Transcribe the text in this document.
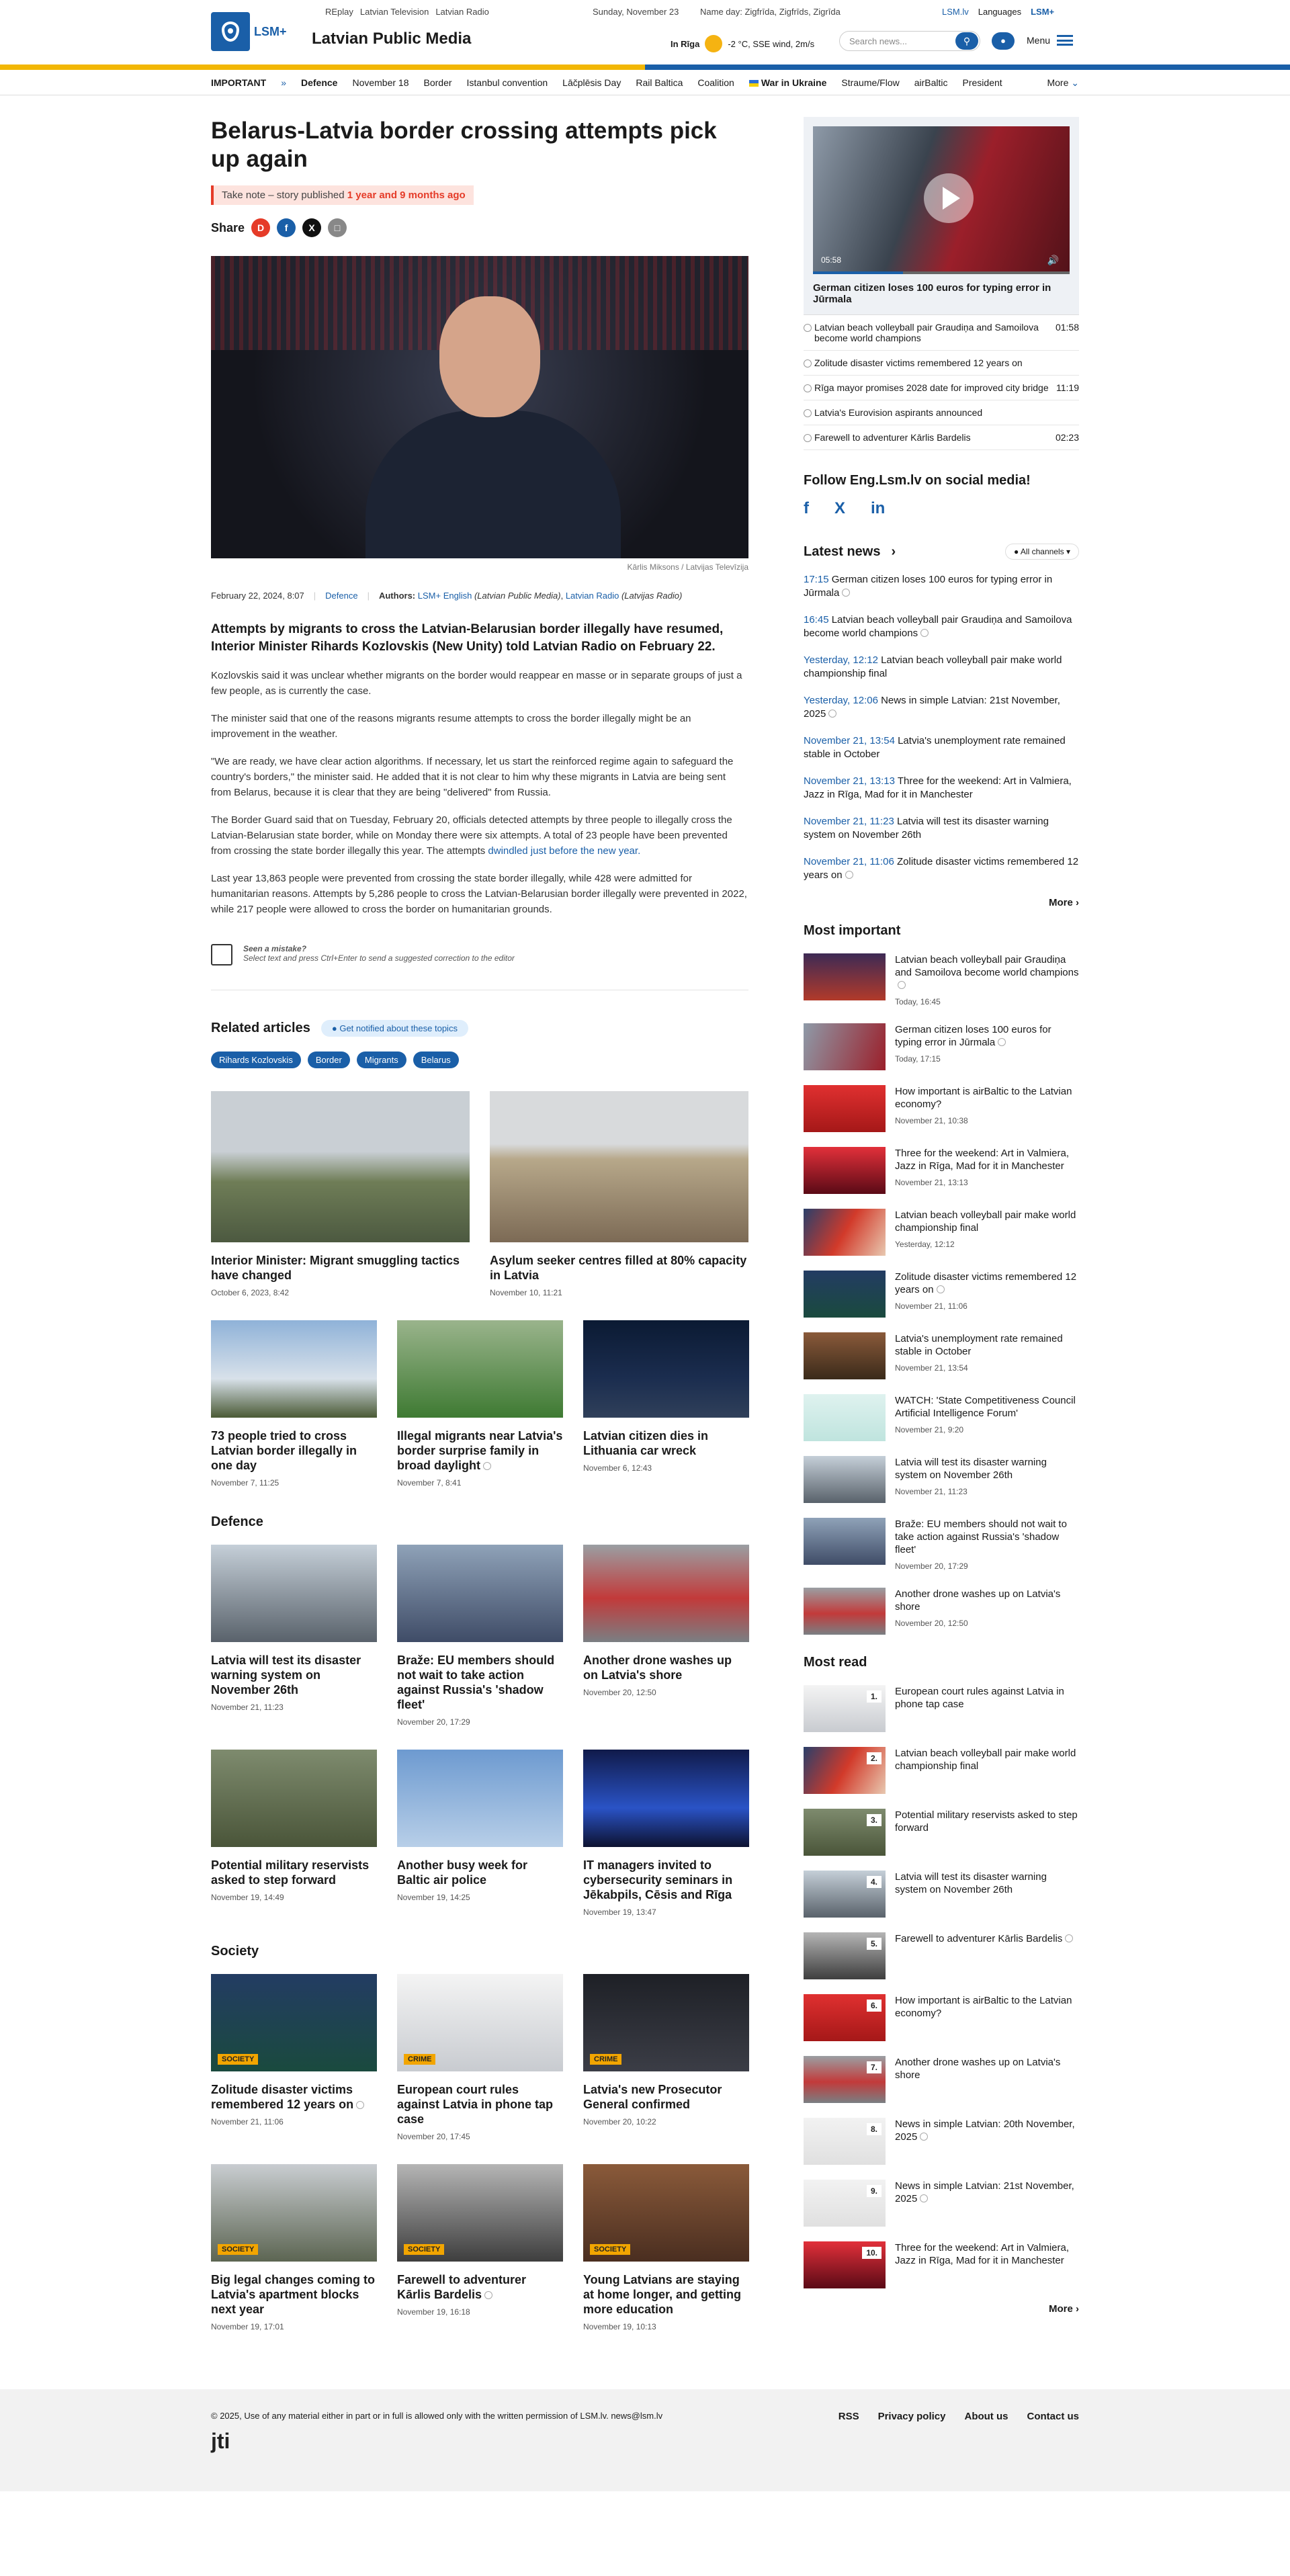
LSM+ Latvian Public Media
REplay Latvian Television Latvian Radio	Sunday, November 23 Name day: Zigfrīda, Zigfrīds, Zigrīda	LSM.lv Languages LSM+
In Rīga	-2 °C, SSE wind, 2m/s	Search news...	⚲	●	Menu
IMPORTANT » Defence November 18 Border Istanbul convention Lāčplēsis Day Rail Baltica Coalition	War in Ukraine Straume/Flow airBaltic President	More ⌄
Belarus-Latvia border crossing attempts pick up again
Take note – story published 1 year and 9 months ago
Share	D	f	X	□
Kārlis Miksons / Latvijas Televīzija
February 22, 2024, 8:07 | Defence | Authors: LSM+ English (Latvian Public Media), Latvian Radio (Latvijas Radio)
Attempts by migrants to cross the Latvian-Belarusian border illegally have resumed, Interior Minister Rihards Kozlovskis (New Unity) told Latvian Radio on February 22.

Kozlovskis said it was unclear whether migrants on the border would reappear en masse or in separate groups of just a few people, as is currently the case.

The minister said that one of the reasons migrants resume attempts to cross the border illegally might be an improvement in the weather.

"We are ready, we have clear action algorithms. If necessary, let us start the reinforced regime again to safeguard the country's borders," the minister said. He added that it is not clear to him why these migrants in Latvia are being sent from Belarus, because it is clear that they are being "delivered" from Russia.

The Border Guard said that on Tuesday, February 20, officials detected attempts by three people to illegally cross the Latvian-Belarusian state border, while on Monday there were six attempts. A total of 23 people have been prevented from crossing the state border illegally this year. The attempts dwindled just before the new year.

Last year 13,863 people were prevented from crossing the state border illegally, while 428 were admitted for humanitarian reasons. Attempts by 5,286 people to cross the Latvian-Belarusian border illegally were prevented in 2022, while 217 people were allowed to cross the border on humanitarian grounds.

Seen a mistake?
Select text and press Ctrl+Enter to send a suggested correction to the editor
Related articles	● Get notified about these topics
Rihards Kozlovskis	Border	Migrants	Belarus
Interior Minister: Migrant smuggling tactics have changed
October 6, 2023, 8:42
Asylum seeker centres filled at 80% capacity in Latvia
November 10, 11:21
73 people tried to cross Latvian border illegally in one day
November 7, 11:25
Illegal migrants near Latvia's border surprise family in broad daylight
November 7, 8:41
Latvian citizen dies in Lithuania car wreck
November 6, 12:43
Defence
Latvia will test its disaster warning system on November 26th
November 21, 11:23
Braže: EU members should not wait to take action against Russia's 'shadow fleet'
November 20, 17:29
Another drone washes up on Latvia's shore
November 20, 12:50
Potential military reservists asked to step forward
November 19, 14:49
Another busy week for Baltic air police
November 19, 14:25
IT managers invited to cybersecurity seminars in Jēkabpils, Cēsis and Rīga
November 19, 13:47
Society
SOCIETY
Zolitude disaster victims remembered 12 years on
November 21, 11:06
CRIME
European court rules against Latvia in phone tap case
November 20, 17:45
CRIME
Latvia's new Prosecutor General confirmed
November 20, 10:22
SOCIETY
Big legal changes coming to Latvia's apartment blocks next year
November 19, 17:01
SOCIETY
Farewell to adventurer Kārlis Bardelis
November 19, 16:18
SOCIETY
Young Latvians are staying at home longer, and getting more education
November 19, 10:13
05:58	🔊
German citizen loses 100 euros for typing error in Jūrmala
Latvian beach volleyball pair Graudiņa and Samoilova become world champions
01:58
Zolitude disaster victims remembered 12 years on
Rīga mayor promises 2028 date for improved city bridge 11:19
Latvia's Eurovision aspirants announced
Farewell to adventurer Kārlis Bardelis	02:23
Follow Eng.Lsm.lv on social media!
f X in
Latest news ›	● All channels ▾
17:15 German citizen loses 100 euros for typing error in Jūrmala
16:45 Latvian beach volleyball pair Graudiņa and Samoilova become world champions
Yesterday, 12:12 Latvian beach volleyball pair make world championship final
Yesterday, 12:06 News in simple Latvian: 21st November, 2025
November 21, 13:54 Latvia's unemployment rate remained stable in October
November 21, 13:13 Three for the weekend: Art in Valmiera, Jazz in Rīga, Mad for it in Manchester
November 21, 11:23 Latvia will test its disaster warning system on November 26th
November 21, 11:06 Zolitude disaster victims remembered 12 years on
More ›
Most important
Latvian beach volleyball pair Graudiņa and Samoilova become world champions
Today, 16:45
German citizen loses 100 euros for typing error in Jūrmala
Today, 17:15
How important is airBaltic to the Latvian economy?
November 21, 10:38
Three for the weekend: Art in Valmiera, Jazz in Rīga, Mad for it in Manchester
November 21, 13:13
Latvian beach volleyball pair make world championship final
Yesterday, 12:12
Zolitude disaster victims remembered 12 years on
November 21, 11:06
Latvia's unemployment rate remained stable in October
November 21, 13:54
WATCH: 'State Competitiveness Council Artificial Intelligence Forum'
November 21, 9:20
Latvia will test its disaster warning system on November 26th
November 21, 11:23
Braže: EU members should not wait to take action against Russia's 'shadow fleet'
November 20, 17:29
Another drone washes up on Latvia's shore
November 20, 12:50
Most read
1.	European court rules against Latvia in phone tap case
2.	Latvian beach volleyball pair make world championship final
3.	Potential military reservists asked to step forward
4.	Latvia will test its disaster warning system on November 26th
5.	Farewell to adventurer Kārlis Bardelis
6.	How important is airBaltic to the Latvian economy?
7.	Another drone washes up on Latvia's shore
8.	News in simple Latvian: 20th November, 2025
9.	News in simple Latvian: 21st November, 2025
10.	Three for the weekend: Art in Valmiera, Jazz in Rīga, Mad for it in Manchester
More ›
© 2025, Use of any material either in part or in full is allowed only with the written permission of LSM.lv. news@lsm.lv
jti
RSS Privacy policy About us Contact us
